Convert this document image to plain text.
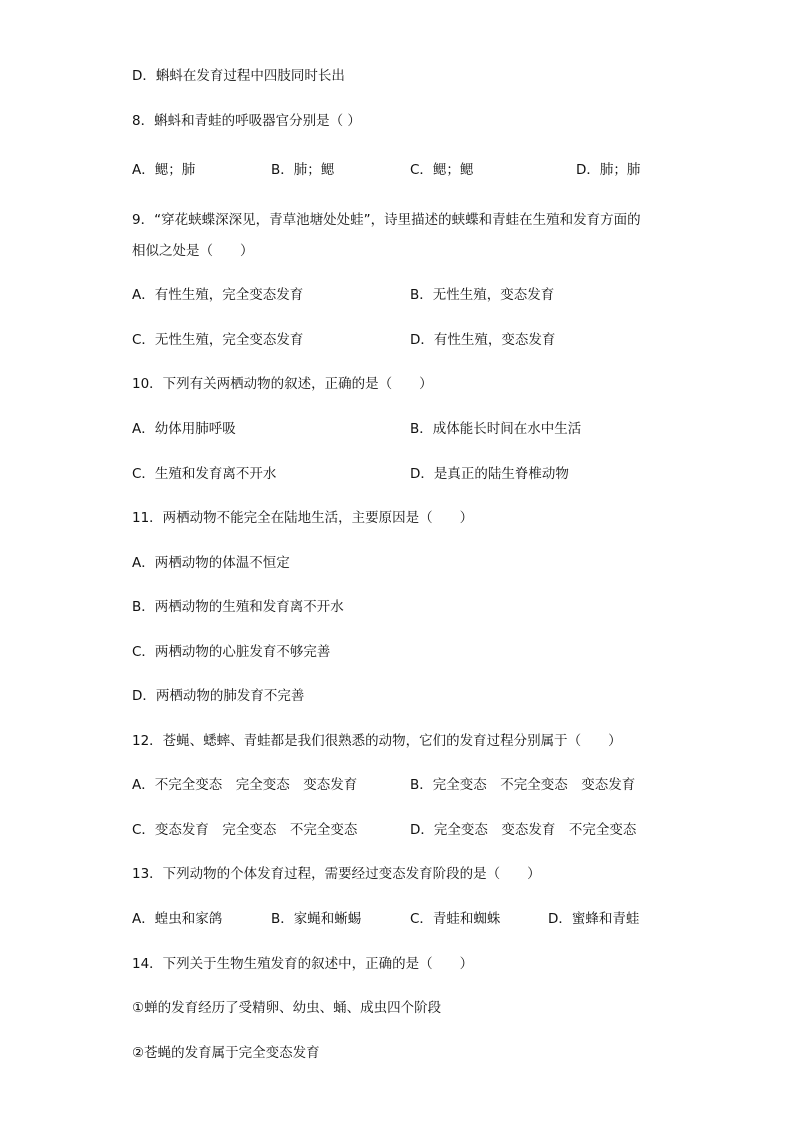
D．蝌蚪在发育过程中四肢同时长出
8．蝌蚪和青蛙的呼吸器官分别是（ ）
A．鳃；肺	B．肺；鳃	C．鳃；鳃	D．肺；肺
9．“穿花蛱蝶深深见，青草池塘处处蛙”，诗里描述的蛱蝶和青蛙在生殖和发育方面的
相似之处是（　　）
A．有性生殖，完全变态发育	B．无性生殖，变态发育
C．无性生殖，完全变态发育	D．有性生殖，变态发育
10．下列有关两栖动物的叙述，正确的是（　　）
A．幼体用肺呼吸	B．成体能长时间在水中生活
C．生殖和发育离不开水	D．是真正的陆生脊椎动物
11．两栖动物不能完全在陆地生活，主要原因是（　　）
A．两栖动物的体温不恒定
B．两栖动物的生殖和发育离不开水
C．两栖动物的心脏发育不够完善
D．两栖动物的肺发育不完善
12．苍蝇、蟋蟀、青蛙都是我们很熟悉的动物，它们的发育过程分别属于（　　）
A．不完全变态　完全变态　变态发育	B．完全变态　不完全变态　变态发育
C．变态发育　完全变态　不完全变态	D．完全变态　变态发育　不完全变态
13．下列动物的个体发育过程，需要经过变态发育阶段的是（　　）
A．蝗虫和家鸽	B．家蝇和蜥蜴	C．青蛙和蜘蛛	D．蜜蜂和青蛙
14．下列关于生物生殖发育的叙述中，正确的是（　　）
①蝉的发育经历了受精卵、幼虫、蛹、成虫四个阶段
②苍蝇的发育属于完全变态发育
